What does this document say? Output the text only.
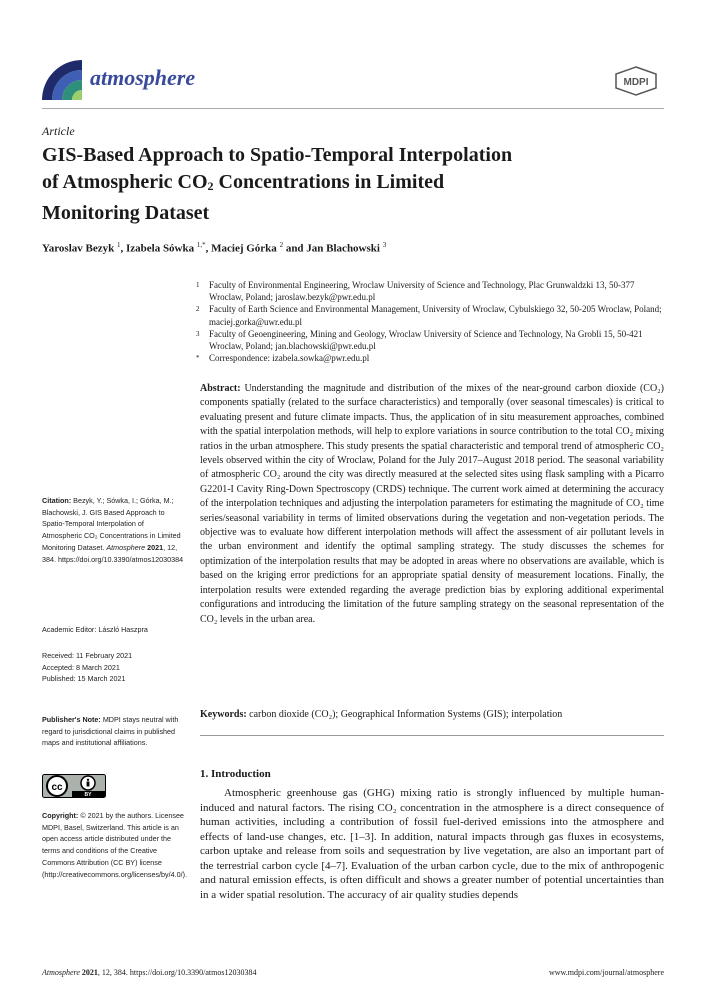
atmosphere	MDPI
Article
GIS-Based Approach to Spatio-Temporal Interpolation
of Atmospheric CO2 Concentrations in Limited
Monitoring Dataset
Yaroslav Bezyk $^1$, Izabela Sówka $^{1,*}$, Maciej Górka $^2$ and Jan Blachowski $^3$
1 Faculty of Environmental Engineering, Wroclaw University of Science and Technology, Plac Grunwaldzki 13, 50-377 Wroclaw, Poland; jaroslaw.bezyk@pwr.edu.pl
2 Faculty of Earth Science and Environmental Management, University of Wroclaw, Cybulskiego 32, 50-205 Wroclaw, Poland; maciej.gorka@uwr.edu.pl
3 Faculty of Geoengineering, Mining and Geology, Wroclaw University of Science and Technology, Na Grobli 15, 50-421 Wroclaw, Poland; jan.blachowski@pwr.edu.pl
* Correspondence: izabela.sowka@pwr.edu.pl
Abstract: Understanding the magnitude and distribution of the mixes of the near-ground carbon dioxide (CO₂) components spatially (related to the surface characteristics) and temporally (over seasonal timescales) is critical to evaluating present and future climate impacts. Thus, the application of in situ measurement approaches, combined with the spatial interpolation methods, will help to explore variations in source contribution to the total CO₂ mixing ratios in the urban atmosphere. This study presents the spatial characteristic and temporal trend of atmospheric CO₂ levels observed within the city of Wroclaw, Poland for the July 2017–August 2018 period. The seasonal variability of atmospheric CO₂ around the city was directly measured at the selected sites using flask sampling with a Picarro G2201-I Cavity Ring-Down Spectroscopy (CRDS) technique. The current work aimed at determining the accuracy of the interpolation techniques and adjusting the interpolation parameters for estimating the magnitude of CO₂ time series/seasonal variability in terms of limited observations during the vegetation and non-vegetation periods. The objective was to evaluate how different interpolation methods will affect the assessment of air pollutant levels in the urban environment and identify the optimal sampling strategy. The study discusses the schemes for optimization of the interpolation results that may be adopted in areas where no observations are available, which is based on the kriging error predictions for an appropriate spatial density of measurement locations. Finally, the interpolation results were extended regarding the average prediction bias by exploring additional experimental configurations and introducing the limitation of the future sampling strategy on the seasonal representation of the CO₂ levels in the urban area.
Keywords: carbon dioxide (CO₂); Geographical Information Systems (GIS); interpolation
Citation: Bezyk, Y.; Sówka, I.; Górka, M.; Blachowski, J. GIS Based Approach to Spatio-Temporal Interpolation of Atmospheric CO₂ Concentrations in Limited Monitoring Dataset. Atmosphere 2021, 12, 384. https://doi.org/10.3390/atmos12030384
Academic Editor: László Haszpra
Received: 11 February 2021
Accepted: 8 March 2021
Published: 15 March 2021
Publisher's Note: MDPI stays neutral with regard to jurisdictional claims in published maps and institutional affiliations.
cc
BY
Copyright: © 2021 by the authors. Licensee MDPI, Basel, Switzerland. This article is an open access article distributed under the terms and conditions of the Creative Commons Attribution (CC BY) license (http://creativecommons.org/licenses/by/4.0/).
1. Introduction

Atmospheric greenhouse gas (GHG) mixing ratio is strongly influenced by multiple human-induced and natural factors. The rising CO₂ concentration in the atmosphere is a direct consequence of human activities, including a contribution of fossil fuel-derived emissions into the atmosphere and effects of land-use changes, etc. [1–3]. In addition, natural impacts through gas fluxes in ecosystems, carbon uptake and release from soils and sequestration by live vegetation, are also an important part of the terrestrial carbon cycle [4–7]. Evaluation of the urban carbon cycle, due to the mix of anthropogenic and natural emission effects, is often difficult and shows a greater number of potential uncertainties than in a wider spatial resolution. The accuracy of air quality studies depends

Atmosphere 2021, 12, 384. https://doi.org/10.3390/atmos12030384	www.mdpi.com/journal/atmosphere
